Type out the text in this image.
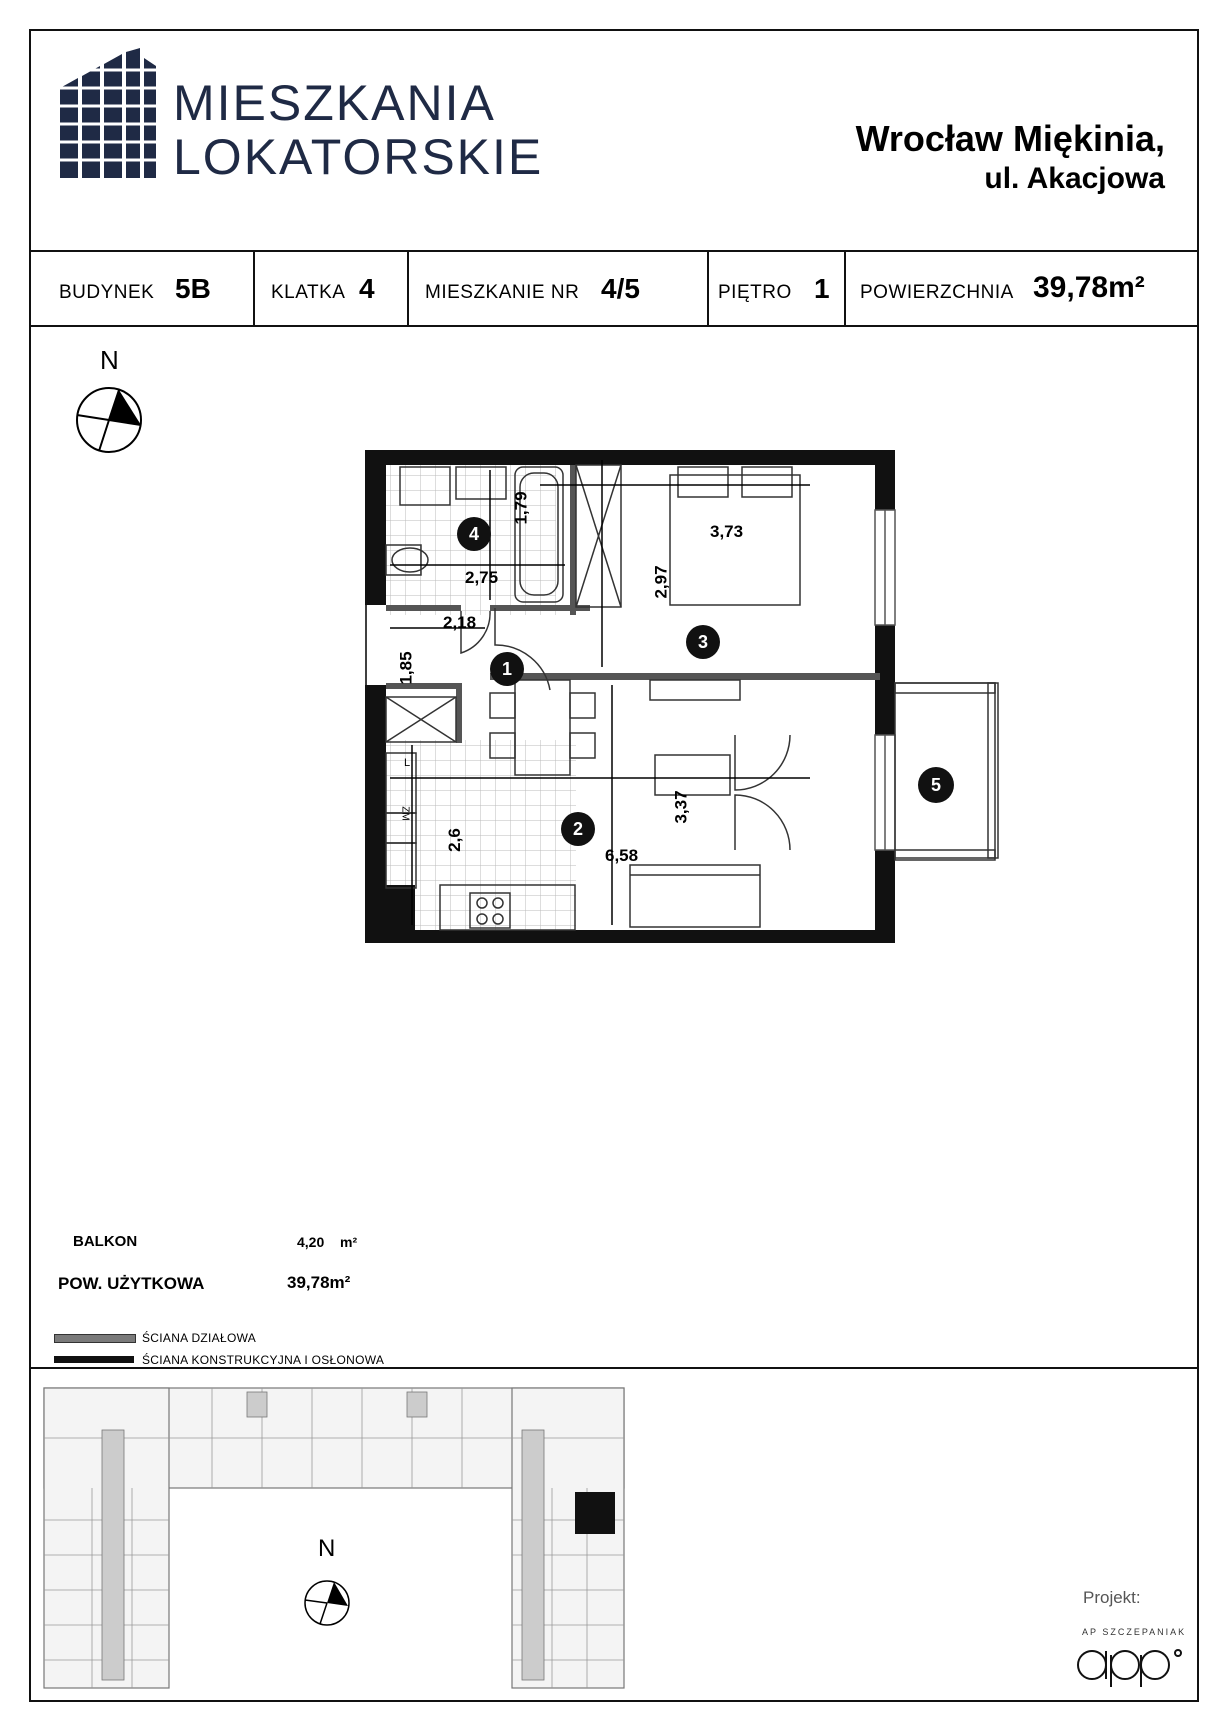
MIESZKANIA
LOKATORSKIE	Wrocław Miękinia,
ul. Akacjowa
BUDYNEK 5B	KLATKA 4	MIESZKANIE NR 4/5	PIĘTRO 1 POWIERZCHNIA 39,78m²
N
1,79
2,75
3,73
2,97
2,18
1,85
3,37
2,6
6,58
L
ZM
1
2
3
4
5
BALKON	4,20 m²
POW. UŻYTKOWA	39,78m²
ŚCIANA DZIAŁOWA
ŚCIANA KONSTRUKCYJNA I OSŁONOWA
N
Projekt:
AP SZCZEPANIAK
